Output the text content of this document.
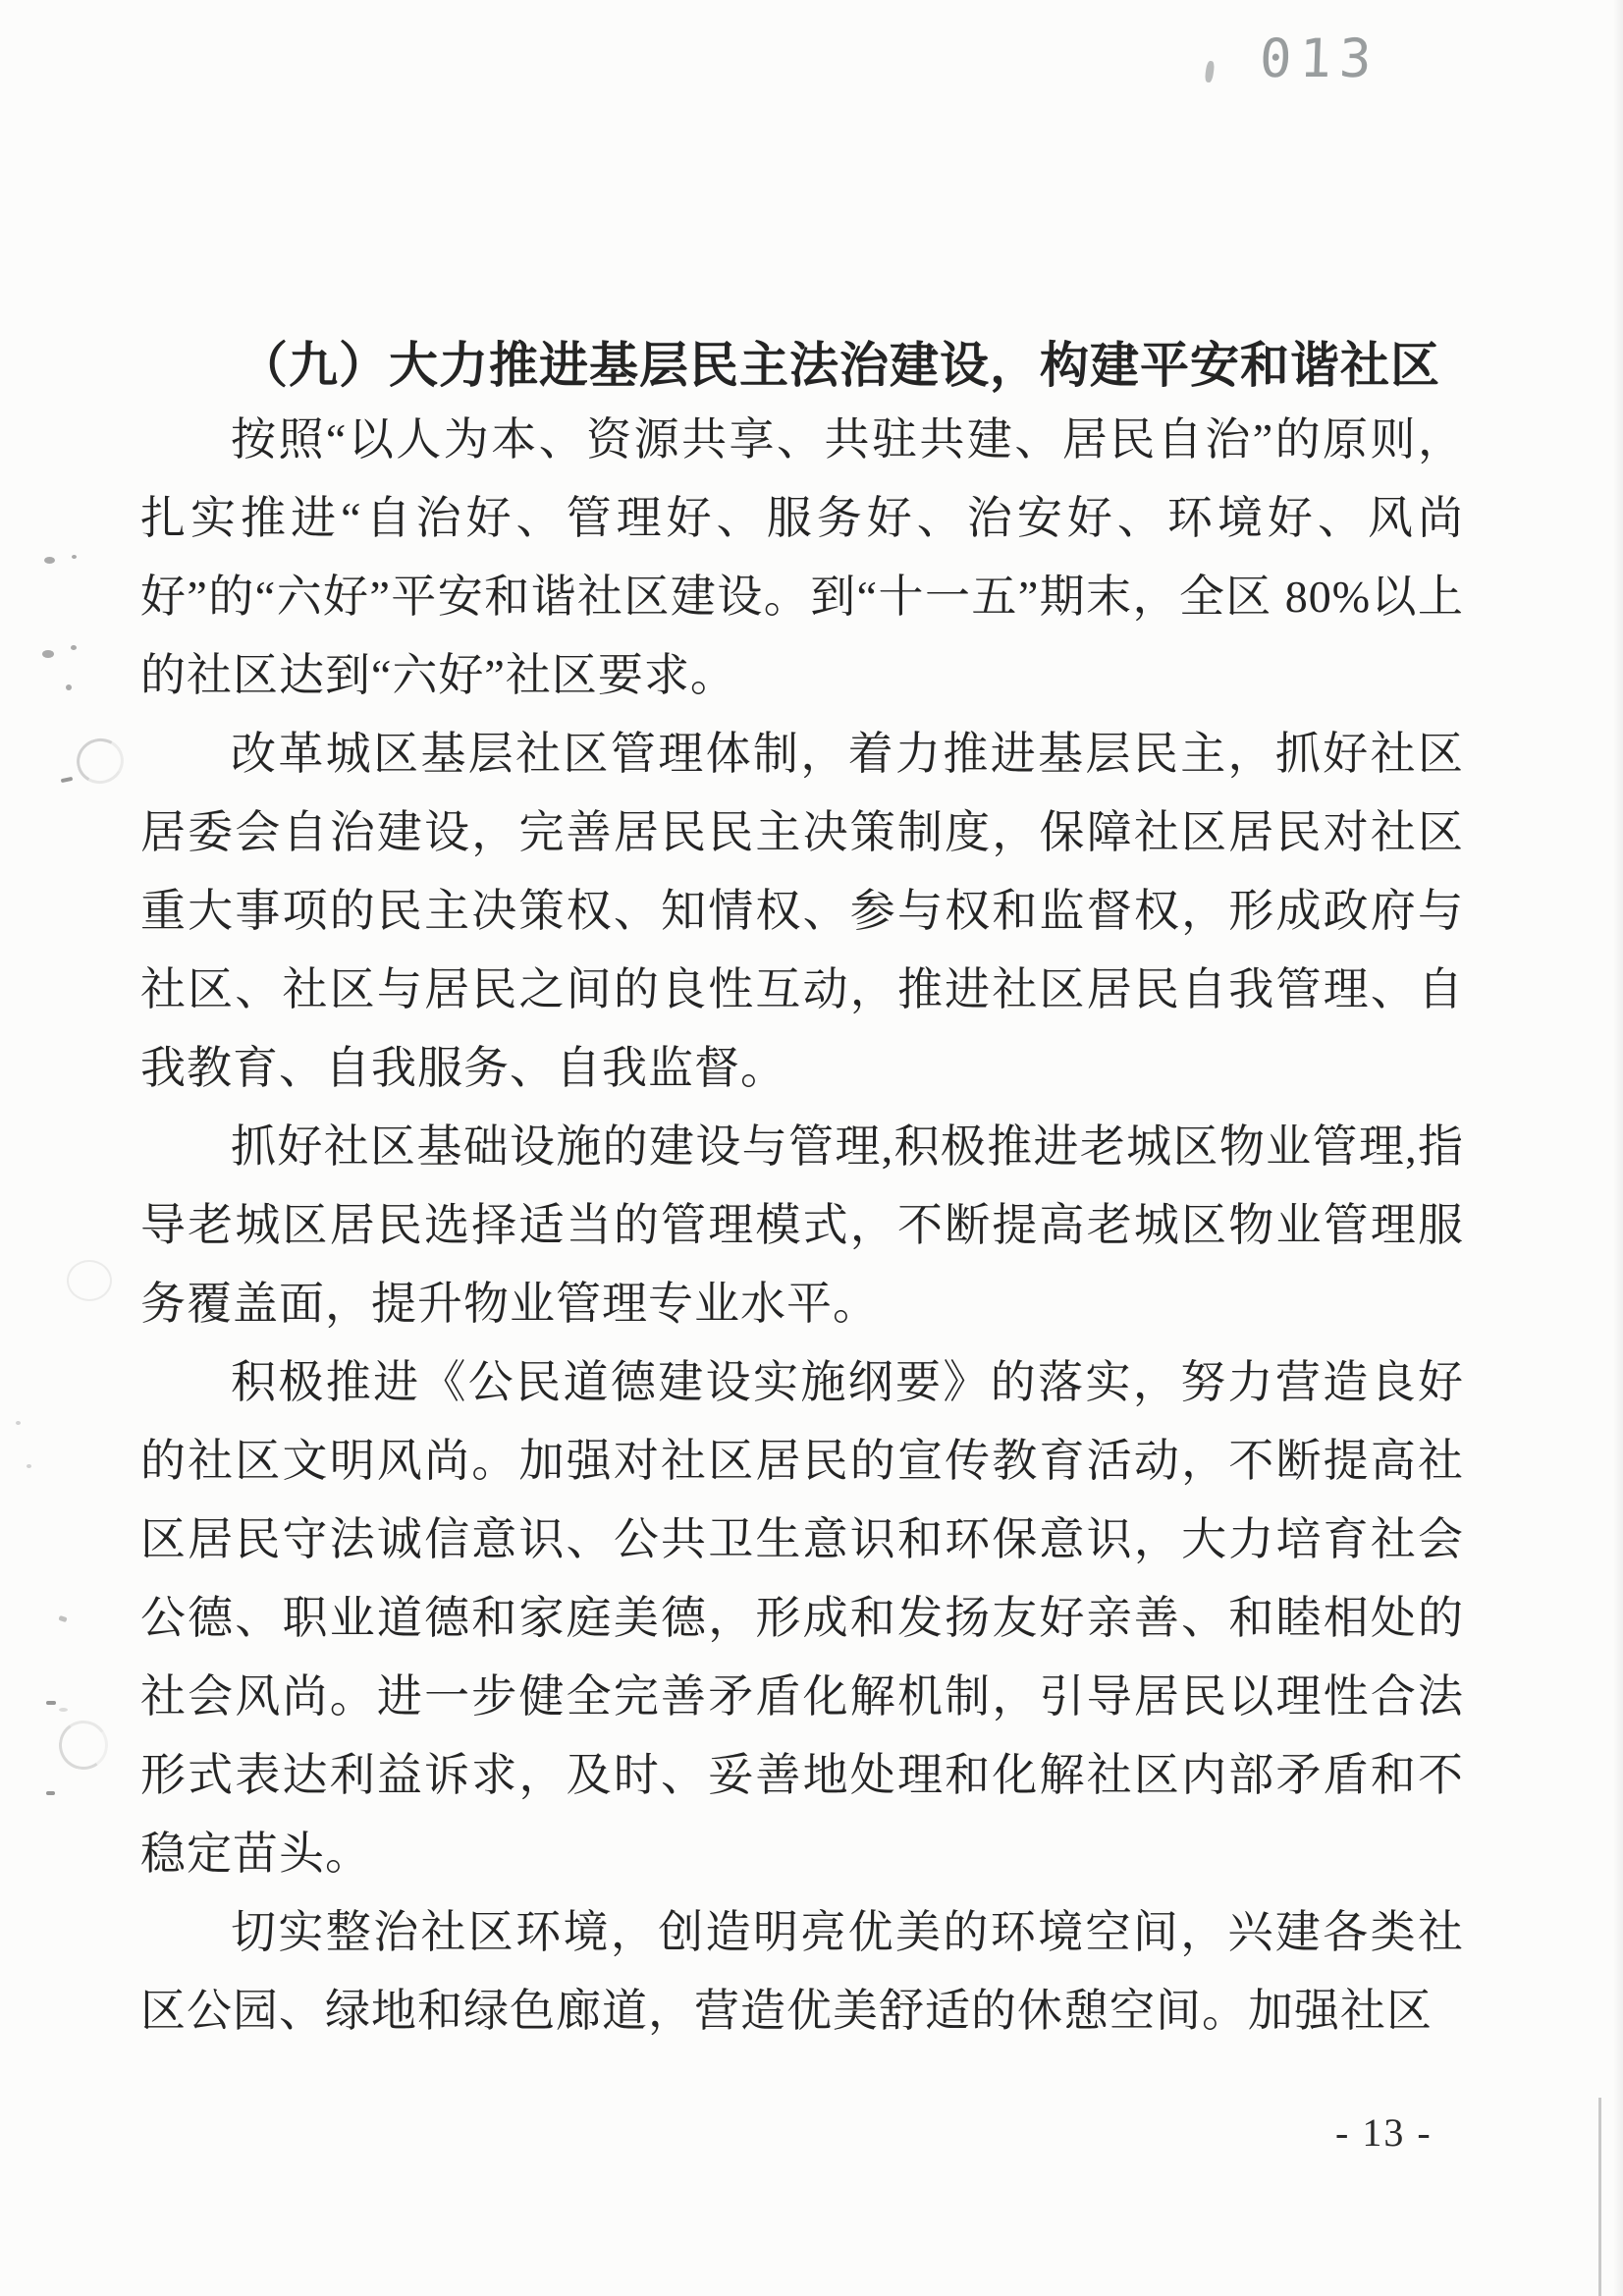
013
（九）大力推进基层民主法治建设，构建平安和谐社区

按照“以人为本、资源共享、共驻共建、居民自治”的原则，扎实推进“自治好、管理好、服务好、治安好、环境好、风尚好”的“六好”平安和谐社区建设。到“十一五”期末，全区 80%以上的社区达到“六好”社区要求。

改革城区基层社区管理体制，着力推进基层民主，抓好社区居委会自治建设，完善居民民主决策制度，保障社区居民对社区重大事项的民主决策权、知情权、参与权和监督权，形成政府与社区、社区与居民之间的良性互动，推进社区居民自我管理、自我教育、自我服务、自我监督。

抓好社区基础设施的建设与管理,积极推进老城区物业管理,指导老城区居民选择适当的管理模式，不断提高老城区物业管理服务覆盖面，提升物业管理专业水平。

积极推进《公民道德建设实施纲要》的落实，努力营造良好的社区文明风尚。加强对社区居民的宣传教育活动，不断提高社区居民守法诚信意识、公共卫生意识和环保意识，大力培育社会公德、职业道德和家庭美德，形成和发扬友好亲善、和睦相处的社会风尚。进一步健全完善矛盾化解机制，引导居民以理性合法形式表达利益诉求，及时、妥善地处理和化解社区内部矛盾和不稳定苗头。

切实整治社区环境，创造明亮优美的环境空间，兴建各类社区公园、绿地和绿色廊道，营造优美舒适的休憩空间。加强社区

- 13 -
